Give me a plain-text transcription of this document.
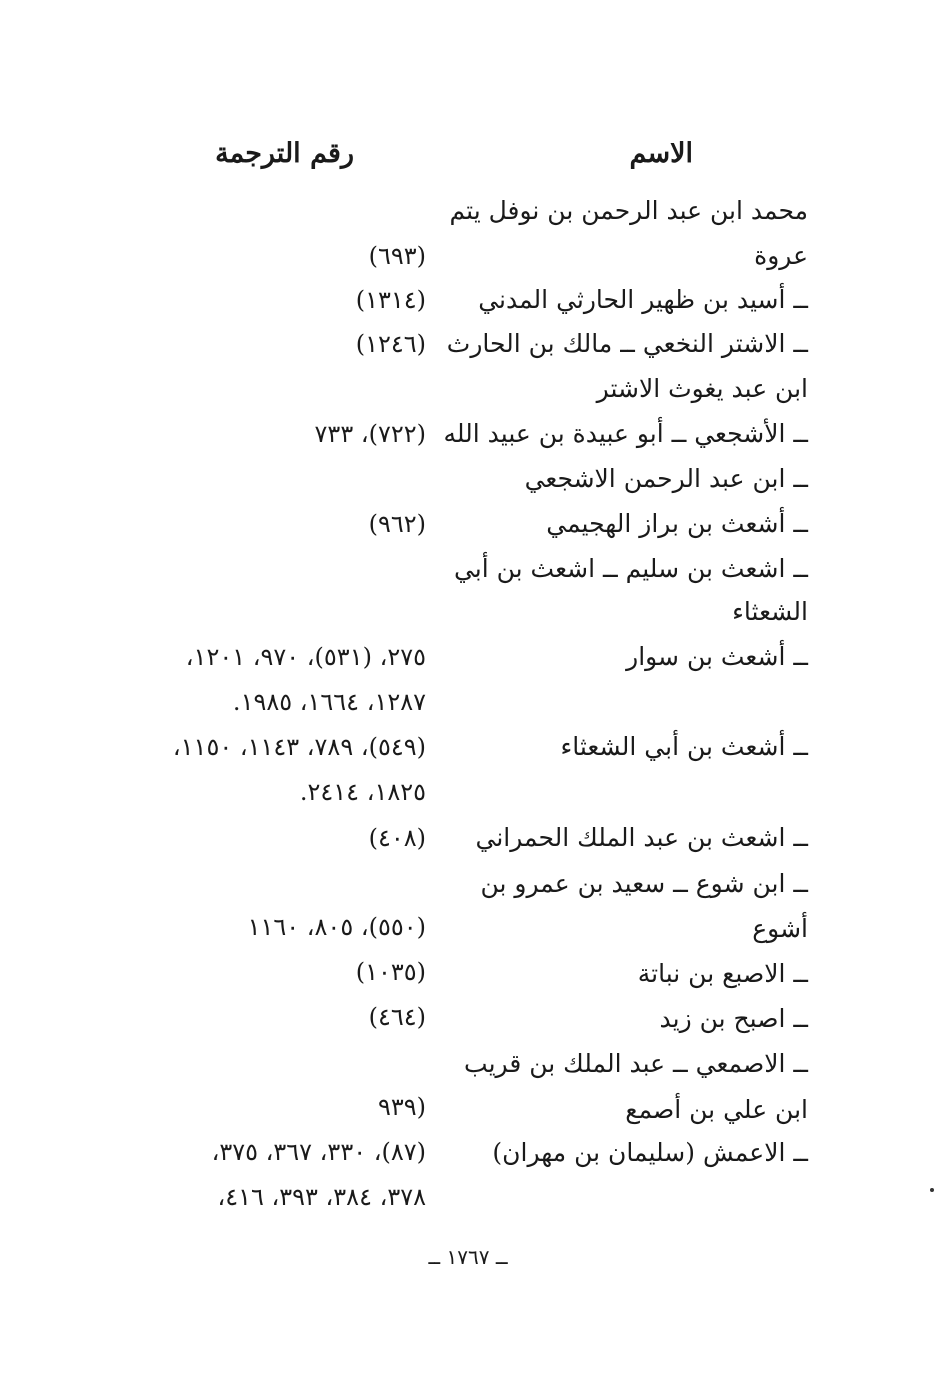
الاسم
رقم الترجمة
محمد ابن عبد الرحمن بن نوفل يتم
عروة
(٦٩٣)
ــ أسيد بن ظهير الحارثي المدني
(١٣١٤)
ــ الاشتر النخعي ــ مالك بن الحارث
(١٢٤٦)
ابن عبد يغوث الاشتر
ــ الأشجعي ــ أبو عبيدة بن عبيد الله
(٧٢٢)، ٧٣٣
ــ ابن عبد الرحمن الاشجعي
ــ أشعث بن براز الهجيمي
(٩٦٢)
ــ اشعث بن سليم ــ اشعث بن أبي
الشعثاء
ــ أشعث بن سوار
٢٧٥، (٥٣١)، ٩٧٠، ١٢٠١،
١٢٨٧، ١٦٦٤، ١٩٨٥.
ــ أشعث بن أبي الشعثاء
(٥٤٩)، ٧٨٩، ١١٤٣، ١١٥٠،
١٨٢٥، ٢٤١٤.
ــ اشعث بن عبد الملك الحمراني
(٤٠٨)
ــ ابن شوع ــ سعيد بن عمرو بن
أشوع
(٥٥٠)، ٨٠٥، ١١٦٠
ــ الاصبع بن نباتة
(١٠٣٥)
ــ اصبح بن زيد
(٤٦٤)
ــ الاصمعي ــ عبد الملك بن قريب
ابن علي بن أصمع
(٩٣٩
ــ الاعمش (سليمان بن مهران)
(٨٧)، ٣٣٠، ٣٦٧، ٣٧٥،
٣٧٨، ٣٨٤، ٣٩٣، ٤١٦،
ــ ١٧٦٧ ــ
